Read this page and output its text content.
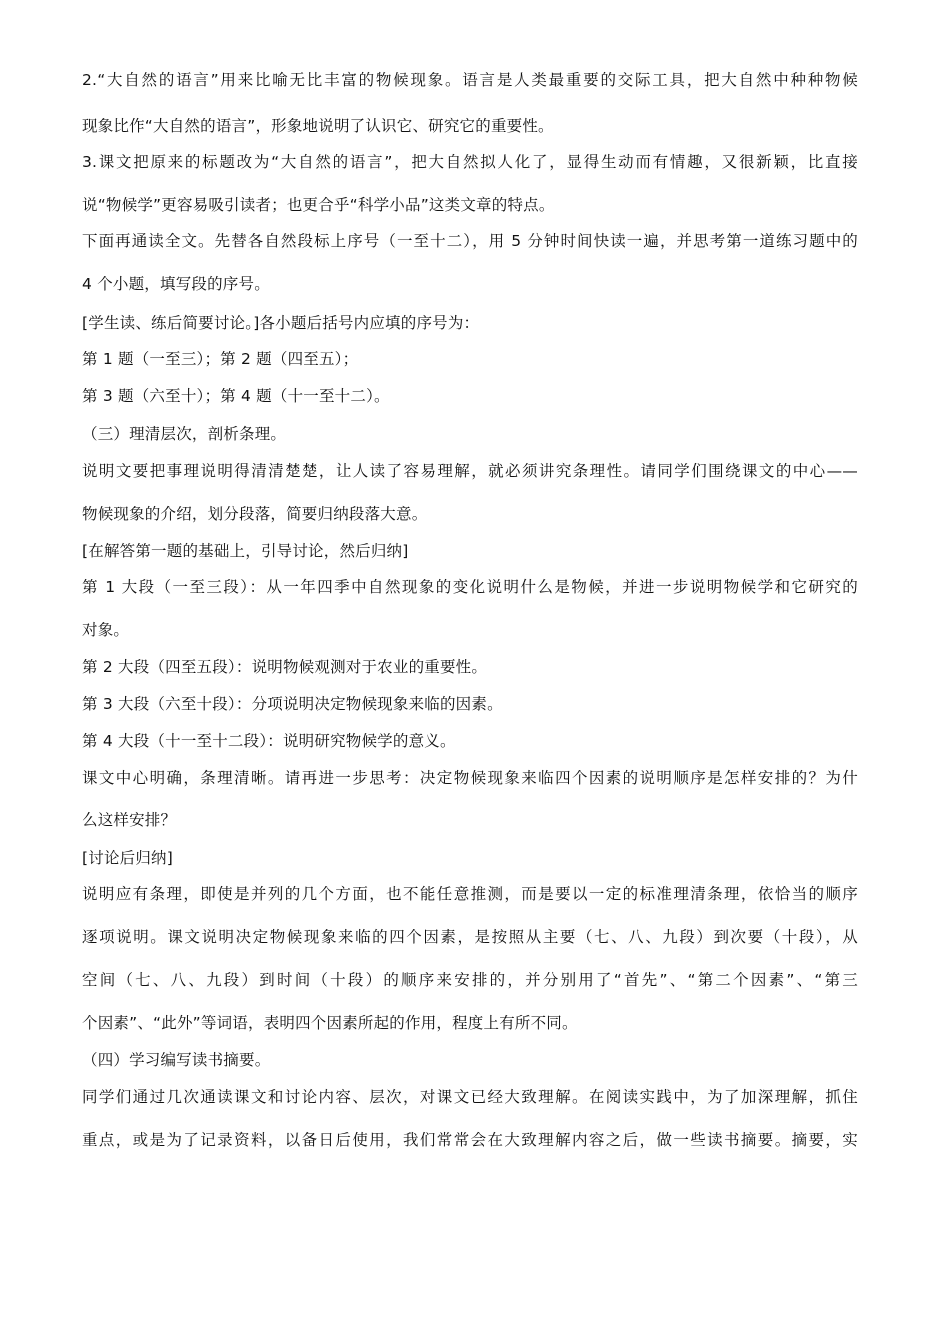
2.“大自然的语言”用来比喻无比丰富的物候现象。语言是人类最重要的交际工具，把大自然中种种物候
现象比作“大自然的语言”，形象地说明了认识它、研究它的重要性。
3.课文把原来的标题改为“大自然的语言”，把大自然拟人化了，显得生动而有情趣，又很新颖，比直接
说“物候学”更容易吸引读者；也更合乎“科学小品”这类文章的特点。
下面再通读全文。先替各自然段标上序号（一至十二），用 5 分钟时间快读一遍，并思考第一道练习题中的
4 个小题，填写段的序号。
[学生读、练后简要讨论。]各小题后括号内应填的序号为：
第 1 题（一至三）；第 2 题（四至五）；
第 3 题（六至十）；第 4 题（十一至十二）。
（三）理清层次，剖析条理。
说明文要把事理说明得清清楚楚，让人读了容易理解，就必须讲究条理性。请同学们围绕课文的中心——
物候现象的介绍，划分段落，简要归纳段落大意。
[在解答第一题的基础上，引导讨论，然后归纳]
第 1 大段（一至三段）：从一年四季中自然现象的变化说明什么是物候，并进一步说明物候学和它研究的
对象。
第 2 大段（四至五段）：说明物候观测对于农业的重要性。
第 3 大段（六至十段）：分项说明决定物候现象来临的因素。
第 4 大段（十一至十二段）：说明研究物候学的意义。
课文中心明确，条理清晰。请再进一步思考：决定物候现象来临四个因素的说明顺序是怎样安排的？为什
么这样安排？
[讨论后归纳]
说明应有条理，即使是并列的几个方面，也不能任意推测，而是要以一定的标准理清条理，依恰当的顺序
逐项说明。课文说明决定物候现象来临的四个因素，是按照从主要（七、八、九段）到次要（十段），从
空间（七、八、九段）到时间（十段）的顺序来安排的，并分别用了“首先”、“第二个因素”、“第三
个因素”、“此外”等词语，表明四个因素所起的作用，程度上有所不同。
（四）学习编写读书摘要。
同学们通过几次通读课文和讨论内容、层次，对课文已经大致理解。在阅读实践中，为了加深理解，抓住
重点，或是为了记录资料，以备日后使用，我们常常会在大致理解内容之后，做一些读书摘要。摘要，实
